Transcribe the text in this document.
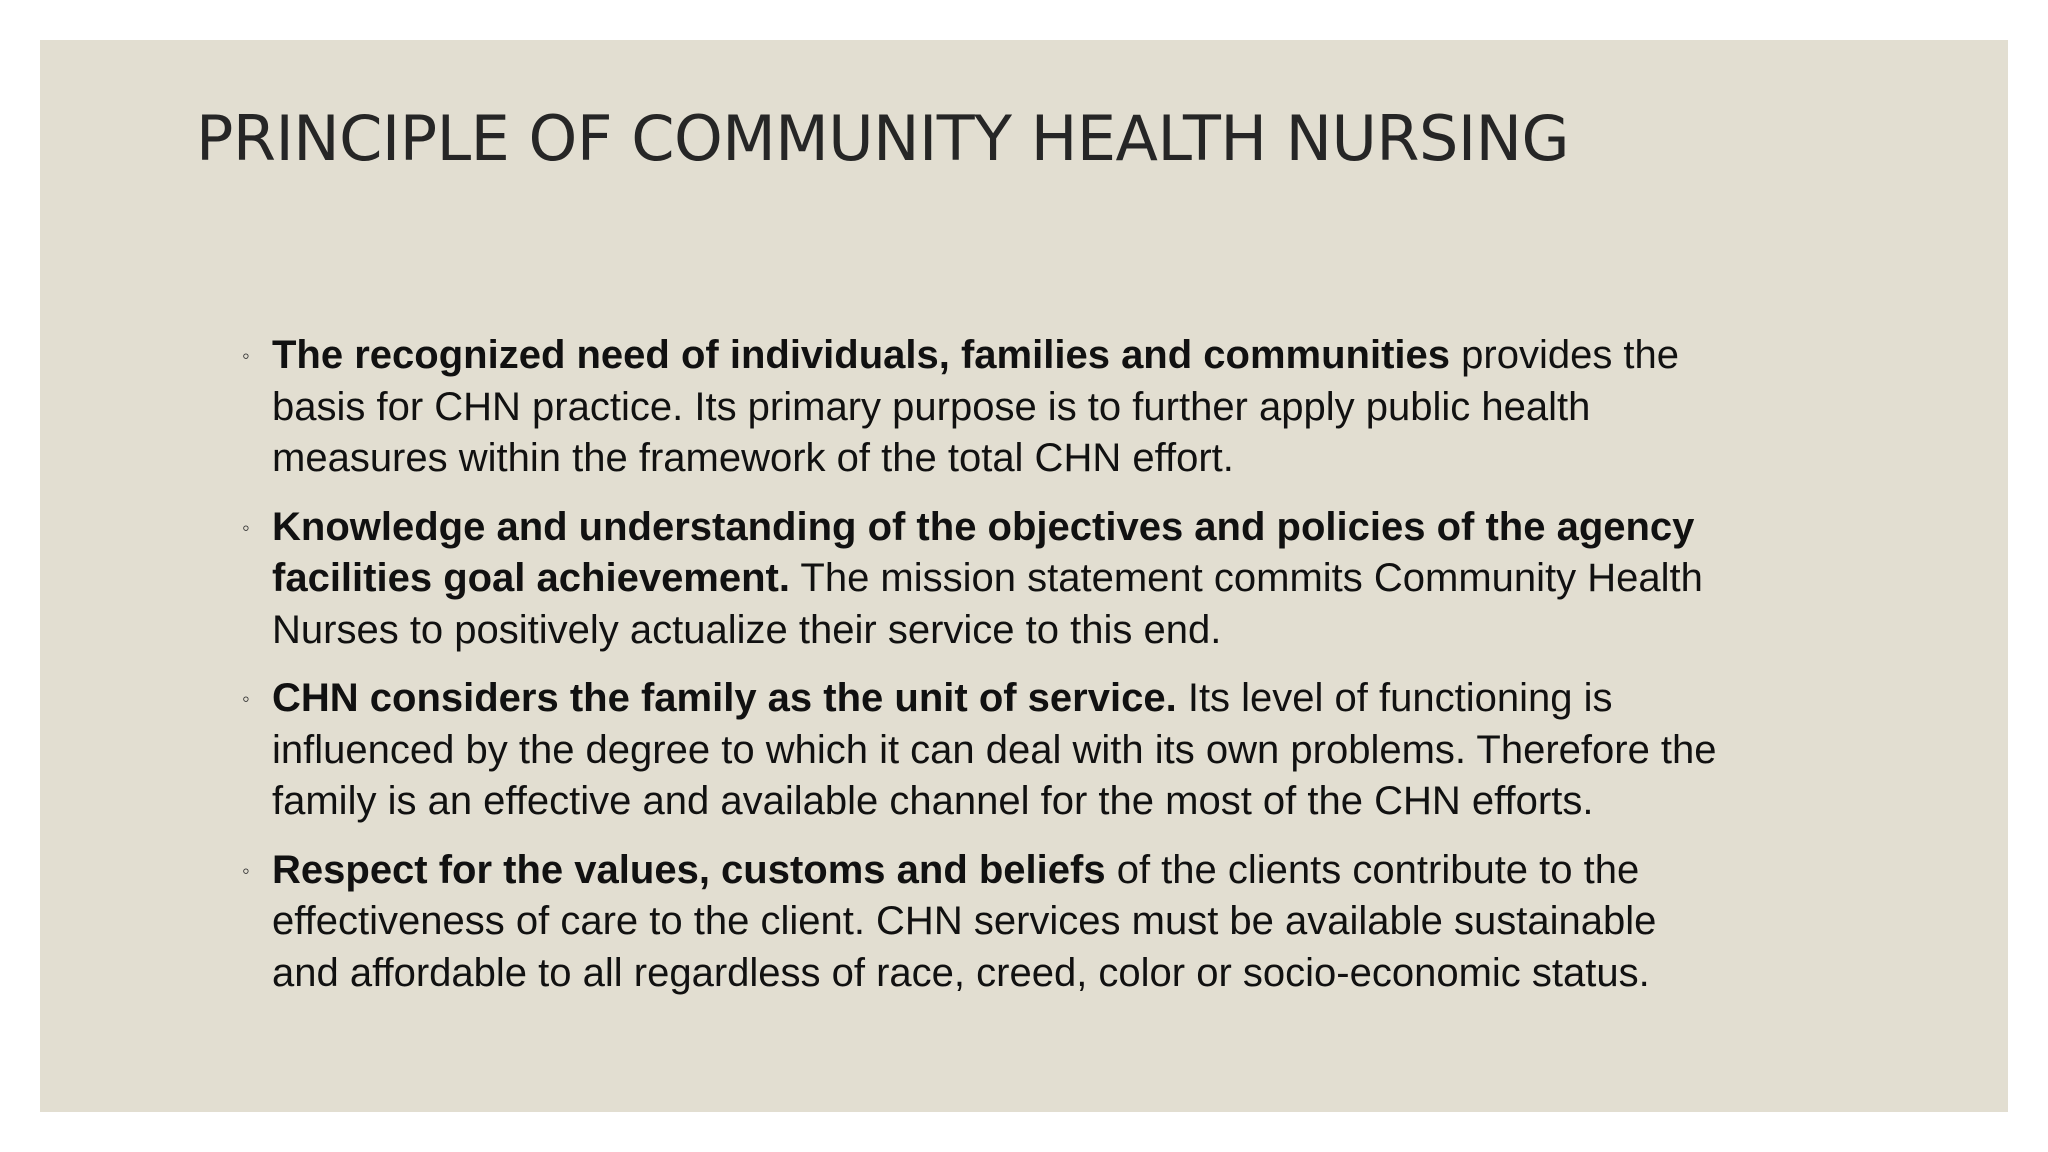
PRINCIPLE OF COMMUNITY HEALTH NURSING
◦ The recognized need of individuals, families and communities provides the basis for CHN practice. Its primary purpose is to further apply public health measures within the framework of the total CHN effort.
◦ Knowledge and understanding of the objectives and policies of the agency facilities goal achievement. The mission statement commits Community Health Nurses to positively actualize their service to this end.
◦ CHN considers the family as the unit of service. Its level of functioning is influenced by the degree to which it can deal with its own problems. Therefore the family is an effective and available channel for the most of the CHN efforts.
◦ Respect for the values, customs and beliefs of the clients contribute to the effectiveness of care to the client. CHN services must be available sustainable and affordable to all regardless of race, creed, color or socio-economic status.
